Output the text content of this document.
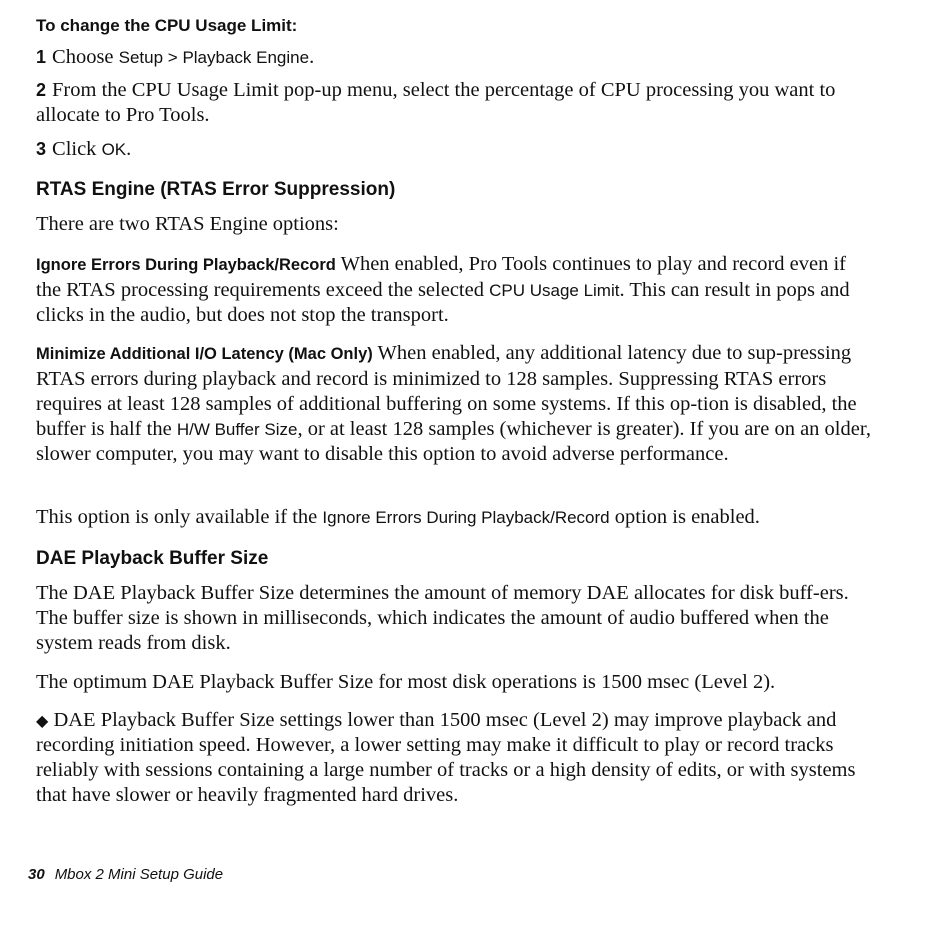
To change the CPU Usage Limit:

1 Choose Setup > Playback Engine.

2 From the CPU Usage Limit pop-up menu, select the percentage of CPU processing you want to allocate to Pro Tools.

3 Click OK.

RTAS Engine (RTAS Error Suppression)

There are two RTAS Engine options:

Ignore Errors During Playback/Record When enabled, Pro Tools continues to play and record even if the RTAS processing requirements exceed the selected CPU Usage Limit. This can result in pops and clicks in the audio, but does not stop the transport.

Minimize Additional I/O Latency (Mac Only) When enabled, any additional latency due to sup-pressing RTAS errors during playback and record is minimized to 128 samples. Suppressing RTAS errors requires at least 128 samples of additional buffering on some systems. If this op-tion is disabled, the buffer is half the H/W Buffer Size, or at least 128 samples (whichever is greater). If you are on an older, slower computer, you may want to disable this option to avoid adverse performance.

This option is only available if the Ignore Errors During Playback/Record option is enabled.

DAE Playback Buffer Size

The DAE Playback Buffer Size determines the amount of memory DAE allocates for disk buff-ers. The buffer size is shown in milliseconds, which indicates the amount of audio buffered when the system reads from disk.

The optimum DAE Playback Buffer Size for most disk operations is 1500 msec (Level 2).

◆ DAE Playback Buffer Size settings lower than 1500 msec (Level 2) may improve playback and recording initiation speed. However, a lower setting may make it difficult to play or record tracks reliably with sessions containing a large number of tracks or a high density of edits, or with systems that have slower or heavily fragmented hard drives.

30 Mbox 2 Mini Setup Guide
